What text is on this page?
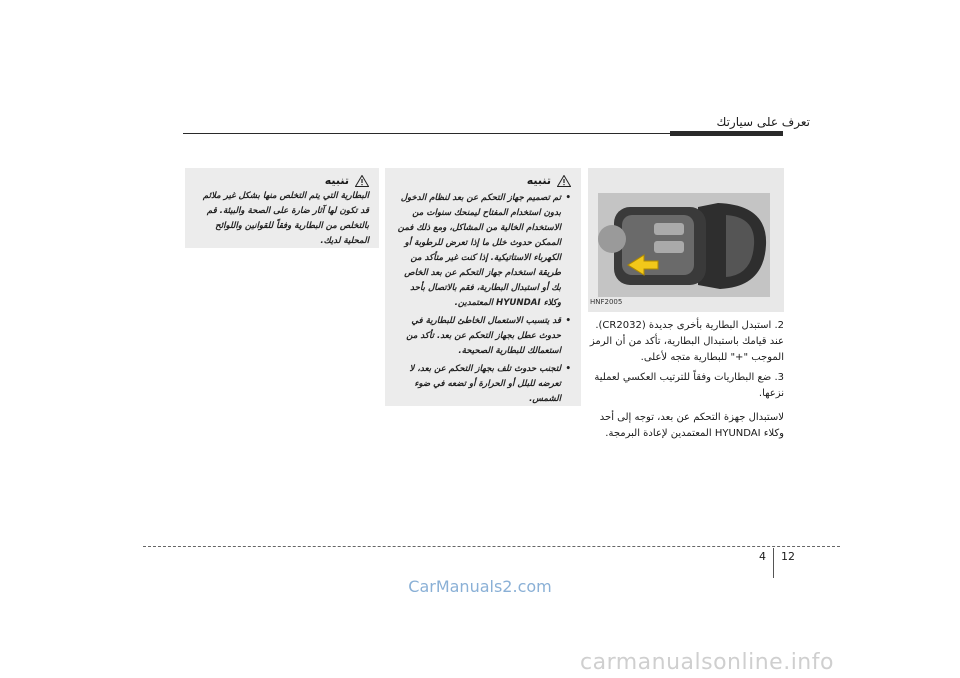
تعرف على سيارتك
HNF2005
2. استبدل البطارية بأخرى جديدة (CR2032). عند قيامك باستبدال البطارية، تأكد من أن الرمز الموجب "+" للبطارية متجه لأعلى.
3. ضع البطاريات وفقاً للترتيب العكسي لعملية نزعها.
لاستبدال جهزة التحكم عن بعد، توجه إلى أحد وكلاء HYUNDAI المعتمدين لإعادة البرمجة.
تنبيه
• تم تصميم جهاز التحكم عن بعد لنظام الدخول بدون استخدام المفتاح ليمنحك سنوات من الاستخدام الخالية من المشاكل، ومع ذلك فمن الممكن حدوث خلل ما إذا تعرض للرطوبة أو الكهرباء الاستاتيكية. إذا كنت غير متأكد من طريقة استخدام جهاز التحكم عن بعد الخاص بك أو استبدال البطارية، فقم بالاتصال بأحد وكلاء HYUNDAI المعتمدين.
• قد يتسبب الاستعمال الخاطئ للبطارية في حدوث عطل بجهاز التحكم عن بعد. تأكد من استعمالك للبطارية الصحيحة.
• لتجنب حدوث تلف بجهاز التحكم عن بعد، لا تعرضه للبلل أو الحرارة أو تضعه في ضوء الشمس.
تنبيه
البطارية التي يتم التخلص منها بشكل غير ملائم قد تكون لها آثار ضارة على الصحة والبيئة. قم بالتخلص من البطارية وفقاً للقوانين واللوائح المحلية لديك.
4 12
CarManuals2.com
carmanualsonline.info
